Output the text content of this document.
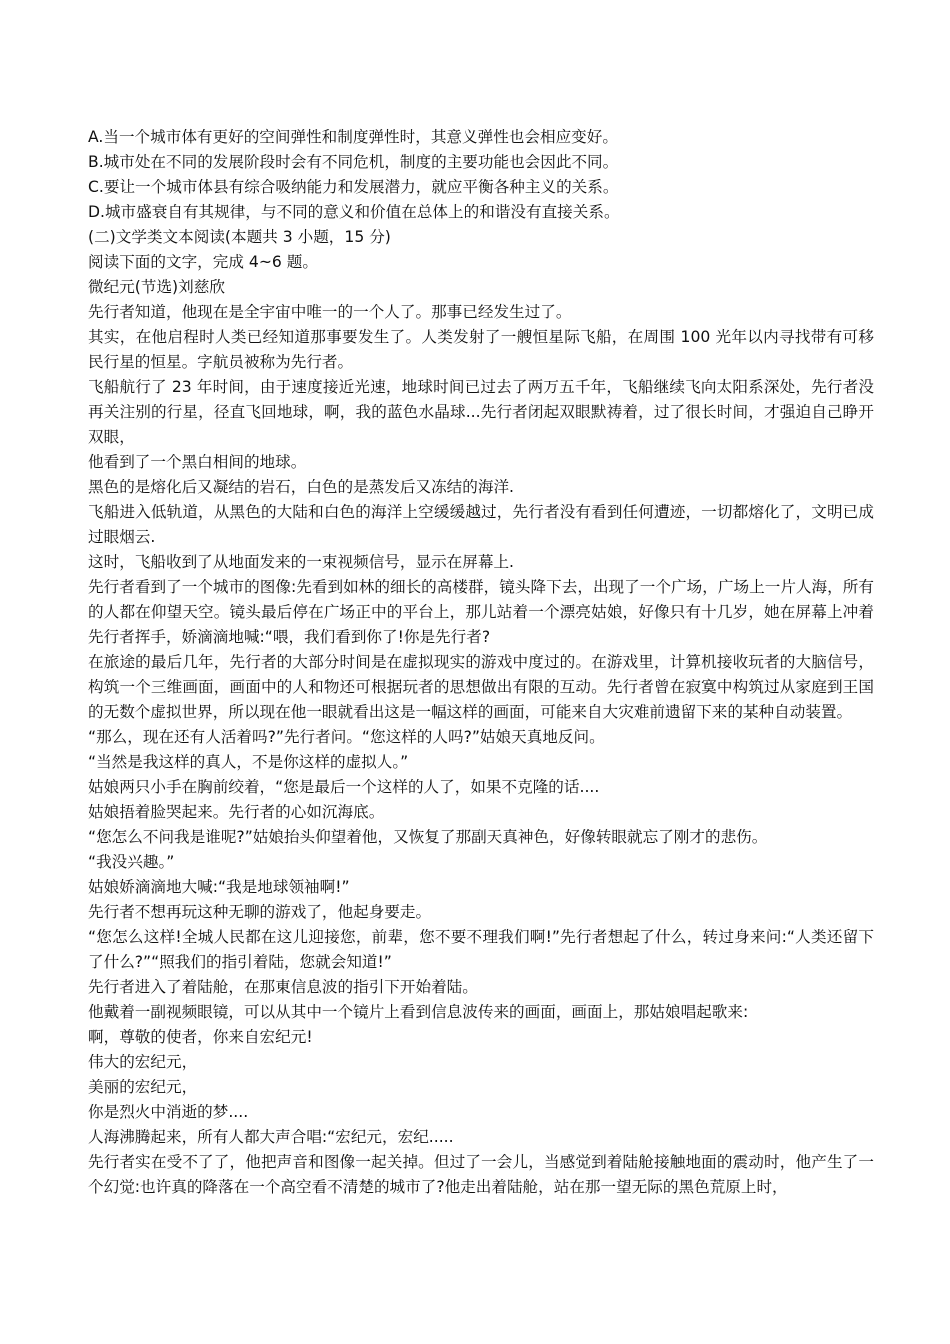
A.当一个城市体有更好的空间弹性和制度弹性时，其意义弹性也会相应变好。

B.城市处在不同的发展阶段时会有不同危机，制度的主要功能也会因此不同。

C.要让一个城市体县有综合吸纳能力和发展潜力，就应平衡各种主义的关系。

D.城市盛衰自有其规律，与不同的意义和价值在总体上的和谐没有直接关系。

(二)文学类文本阅读(本题共 3 小题，15 分)

阅读下面的文字，完成 4~6 题。

微纪元(节选)刘慈欣

先行者知道，他现在是全宇宙中唯一的一个人了。那事已经发生过了。

其实，在他启程时人类已经知道那事要发生了。人类发射了一艘恒星际飞船，在周围 100 光年以内寻找带有可移民行星的恒星。字航员被称为先行者。

飞船航行了 23 年时间，由于速度接近光速，地球时间已过去了两万五千年，飞船继续飞向太阳系深处，先行者没再关注别的行星，径直飞回地球，啊，我的蓝色水晶球...先行者闭起双眼默祷着，过了很长时间，才强迫自己睁开双眼，

他看到了一个黑白相间的地球。

黑色的是熔化后又凝结的岩石，白色的是蒸发后又冻结的海洋.

飞船进入低轨道，从黑色的大陆和白色的海洋上空缓缓越过，先行者没有看到任何遭迹，一切都熔化了，文明已成过眼烟云.

这时，飞船收到了从地面发来的一束视频信号，显示在屏幕上.

先行者看到了一个城市的图像:先看到如林的细长的高楼群，镜头降下去，出现了一个广场，广场上一片人海，所有的人都在仰望天空。镜头最后停在广场正中的平台上，那儿站着一个漂亮姑娘，好像只有十几岁，她在屏幕上冲着先行者挥手，娇滴滴地喊:“喂，我们看到你了!你是先行者?

在旅途的最后几年，先行者的大部分时间是在虚拟现实的游戏中度过的。在游戏里，计算机接收玩者的大脑信号，构筑一个三维画面，画面中的人和物还可根据玩者的思想做出有限的互动。先行者曾在寂寞中构筑过从家庭到王国的无数个虚拟世界，所以现在他一眼就看出这是一幅这样的画面，可能来自大灾难前遗留下来的某种自动装置。

“那么，现在还有人活着吗?”先行者问。“您这样的人吗?”姑娘天真地反问。

“当然是我这样的真人，不是你这样的虚拟人。”

姑娘两只小手在胸前绞着，“您是最后一个这样的人了，如果不克隆的话....

姑娘捂着脸哭起来。先行者的心如沉海底。

“您怎么不问我是谁呢?”姑娘抬头仰望着他，又恢复了那副天真神色，好像转眼就忘了刚才的悲伤。

“我没兴趣。”

姑娘娇滴滴地大喊:“我是地球领袖啊!”

先行者不想再玩这种无聊的游戏了，他起身要走。

“您怎么这样!全城人民都在这儿迎接您，前辈，您不要不理我们啊!”先行者想起了什么，转过身来问:“人类还留下了什么?”“照我们的指引着陆，您就会知道!”

先行者进入了着陆舱，在那東信息波的指引下开始着陆。

他戴着一副视频眼镜，可以从其中一个镜片上看到信息波传来的画面，画面上，那姑娘唱起歌来:

啊，尊敬的使者，你来自宏纪元!

伟大的宏纪元，

美丽的宏纪元，

你是烈火中消逝的梦....

人海沸腾起来，所有人都大声合唱:“宏纪元，宏纪.....

先行者实在受不了了，他把声音和图像一起关掉。但过了一会儿，当感觉到着陆舱接触地面的震动时，他产生了一个幻觉:也许真的降落在一个高空看不清楚的城市了?他走出着陆舱，站在那一望无际的黑色荒原上时，
